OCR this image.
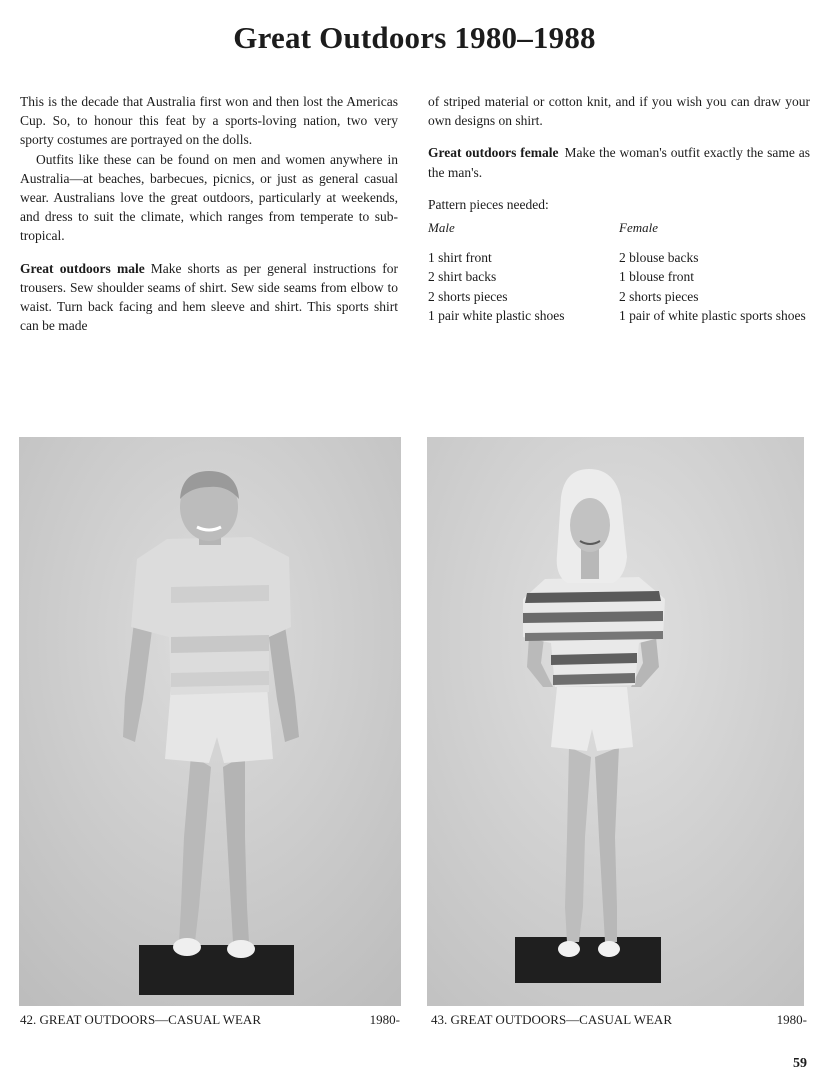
Great Outdoors 1980–1988

This is the decade that Australia first won and then lost the Americas Cup. So, to honour this feat by a sports-loving nation, two very sporty costumes are portrayed on the dolls.

Outfits like these can be found on men and women anywhere in Australia—at beaches, barbecues, picnics, or just as general casual wear. Australians love the great outdoors, particularly at weekends, and dress to suit the climate, which ranges from temperate to sub-tropical.

Great outdoors male Make shorts as per general instructions for trousers. Sew shoulder seams of shirt. Sew side seams from elbow to waist. Turn back facing and hem sleeve and shirt. This sports shirt can be made

of striped material or cotton knit, and if you wish you can draw your own designs on shirt.

Great outdoors female Make the woman's outfit exactly the same as the man's.

Pattern pieces needed:

Male
1 shirt front
2 shirt backs
2 shorts pieces
1 pair white plastic shoes
Female
2 blouse backs
1 blouse front
2 shorts pieces
1 pair of white plastic sports shoes
42. GREAT OUTDOORS—CASUAL WEAR	1980- 43. GREAT OUTDOORS—CASUAL WEAR	1980-
59
